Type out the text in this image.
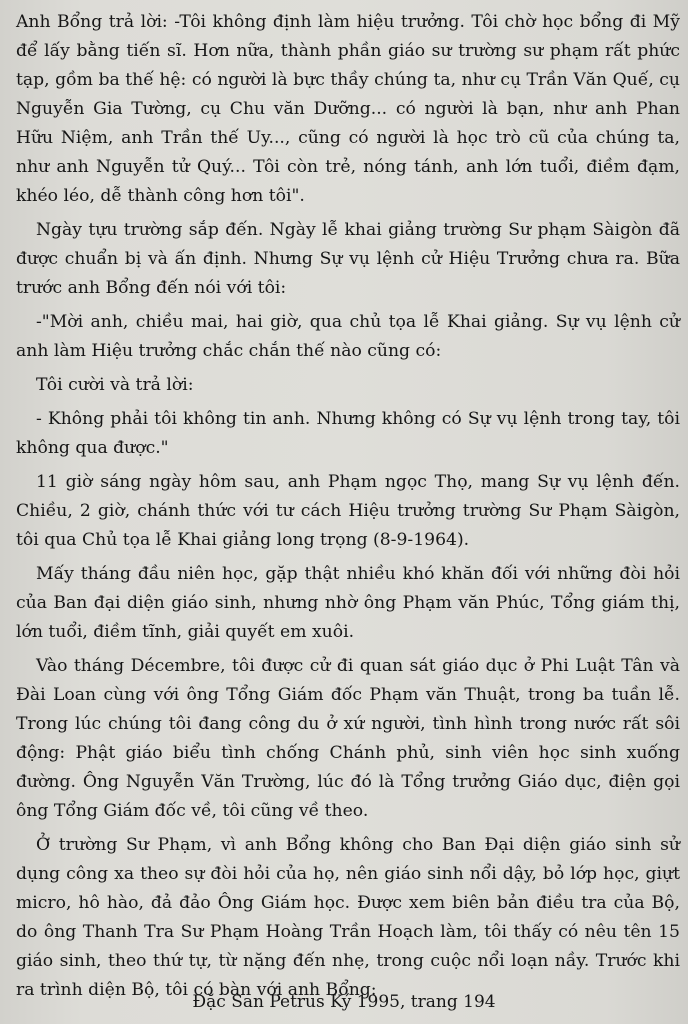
Anh Bổng trả lời: -Tôi không định làm hiệu trưởng. Tôi chờ học bổng đi Mỹ để lấy bằng tiến sĩ. Hơn nữa, thành phần giáo sư trường sư phạm rất phức tạp, gồm ba thế hệ: có người là bực thầy chúng ta, như cụ Trần Văn Quế, cụ Nguyễn Gia Tường, cụ Chu văn Dưỡng... có người là bạn, như anh Phan Hữu Niệm, anh Trần thế Uy..., cũng có người là học trò cũ của chúng ta, như anh Nguyễn tử Quý... Tôi còn trẻ, nóng tánh, anh lớn tuổi, điềm đạm, khéo léo, dễ thành công hơn tôi".

Ngày tựu trường sắp đến. Ngày lễ khai giảng trường Sư phạm Sàigòn đã được chuẩn bị và ấn định. Nhưng Sự vụ lệnh cử Hiệu Trưởng chưa ra. Bữa trước anh Bổng đến nói với tôi:

-"Mời anh, chiều mai, hai giờ, qua chủ tọa lễ Khai giảng. Sự vụ lệnh cử anh làm Hiệu trưởng chắc chắn thế nào cũng có:

Tôi cười và trả lời:

- Không phải tôi không tin anh. Nhưng không có Sự vụ lệnh trong tay, tôi không qua được."

11 giờ sáng ngày hôm sau, anh Phạm ngọc Thọ, mang Sự vụ lệnh đến. Chiều, 2 giờ, chánh thức với tư cách Hiệu trưởng trường Sư Phạm Sàigòn, tôi qua Chủ tọa lễ Khai giảng long trọng (8-9-1964).

Mấy tháng đầu niên học, gặp thật nhiều khó khăn đối với những đòi hỏi của Ban đại diện giáo sinh, nhưng nhờ ông Phạm văn Phúc, Tổng giám thị, lớn tuổi, điềm tĩnh, giải quyết em xuôi.

Vào tháng Décembre, tôi được cử đi quan sát giáo dục ở Phi Luật Tân và Đài Loan cùng với ông Tổng Giám đốc Phạm văn Thuật, trong ba tuần lễ. Trong lúc chúng tôi đang công du ở xứ người, tình hình trong nước rất sôi động: Phật giáo biểu tình chống Chánh phủ, sinh viên học sinh xuống đường. Ông Nguyễn Văn Trường, lúc đó là Tổng trưởng Giáo dục, điện gọi ông Tổng Giám đốc về, tôi cũng về theo.

Ở trường Sư Phạm, vì anh Bổng không cho Ban Đại diện giáo sinh sử dụng công xa theo sự đòi hỏi của họ, nên giáo sinh nổi dậy, bỏ lớp học, giựt micro, hô hào, đả đảo Ông Giám học. Được xem biên bản điều tra của Bộ, do ông Thanh Tra Sư Phạm Hoàng Trần Hoạch làm, tôi thấy có nêu tên 15 giáo sinh, theo thứ tự, từ nặng đến nhẹ, trong cuộc nổi loạn nầy. Trước khi ra trình diện Bộ, tôi có bàn với anh Bổng:

Đặc San Petrus Ký 1995, trang 194
